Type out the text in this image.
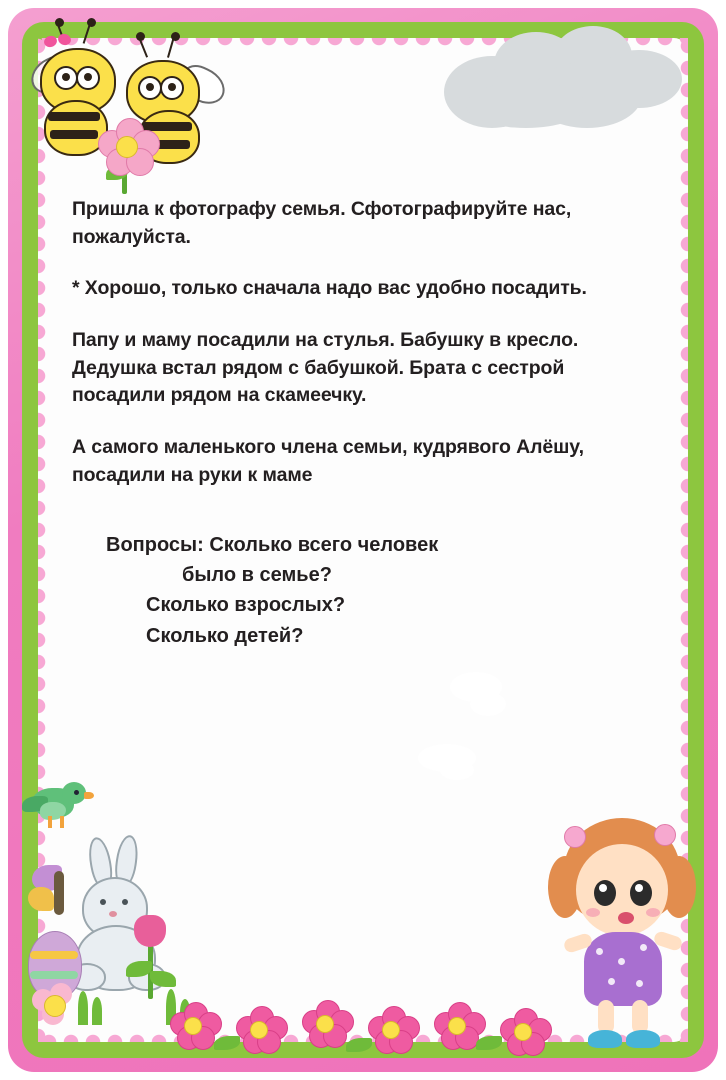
Пришла к фотографу семья. Сфотографируйте нас, пожалуйста.

* Хорошо, только сначала надо вас удобно посадить.

Папу и маму посадили на стулья. Бабушку в кресло. Дедушка встал рядом с бабушкой. Брата с сестрой посадили рядом на скамеечку.

А самого маленького члена семьи, кудрявого Алёшу, посадили на руки к маме

Вопросы: Сколько всего человек
было в семье?
Сколько взрослых?
Сколько детей?
